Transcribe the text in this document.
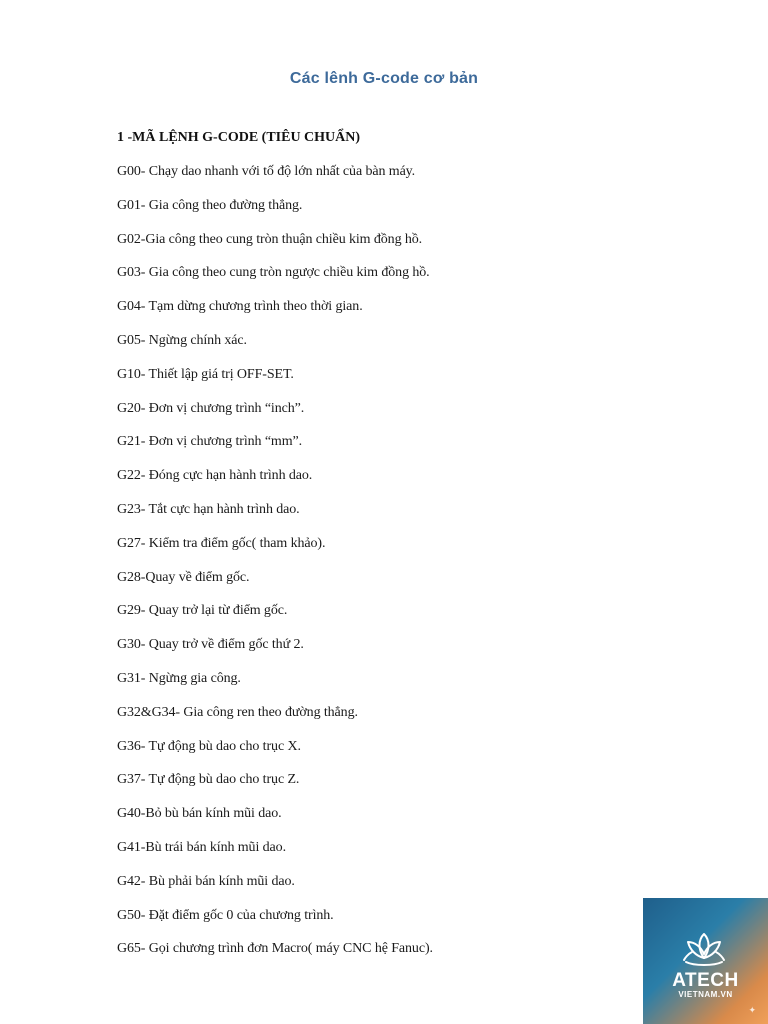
Các lênh G-code cơ bản
1 -MÃ LỆNH G-CODE (TIÊU CHUẨN)
G00- Chạy dao nhanh với tố độ lớn nhất của bàn máy.
G01- Gia công theo đường thẳng.
G02-Gia công theo cung tròn thuận chiều kim đồng hồ.
G03- Gia công theo cung tròn ngược chiều kim đồng hồ.
G04- Tạm dừng chương trình theo thời gian.
G05- Ngừng chính xác.
G10- Thiết lập giá trị OFF-SET.
G20- Đơn vị chương trình “inch”.
G21- Đơn vị chương trình “mm”.
G22- Đóng cực hạn hành trình dao.
G23- Tắt cực hạn hành trình dao.
G27- Kiểm tra điểm gốc( tham khảo).
G28-Quay về điểm gốc.
G29- Quay trở lại từ điểm gốc.
G30- Quay trở về điểm gốc thứ 2.
G31- Ngừng gia công.
G32&G34- Gia công ren theo đường thẳng.
G36- Tự động bù dao cho trục X.
G37- Tự động bù dao cho trục Z.
G40-Bỏ bù bán kính mũi dao.
G41-Bù trái bán kính mũi dao.
G42- Bù phải bán kính mũi dao.
G50- Đặt điểm gốc 0 của chương trình.
G65- Gọi chương trình đơn Macro( máy CNC hệ Fanuc).
ATECH
VIETNAM.VN
✦
